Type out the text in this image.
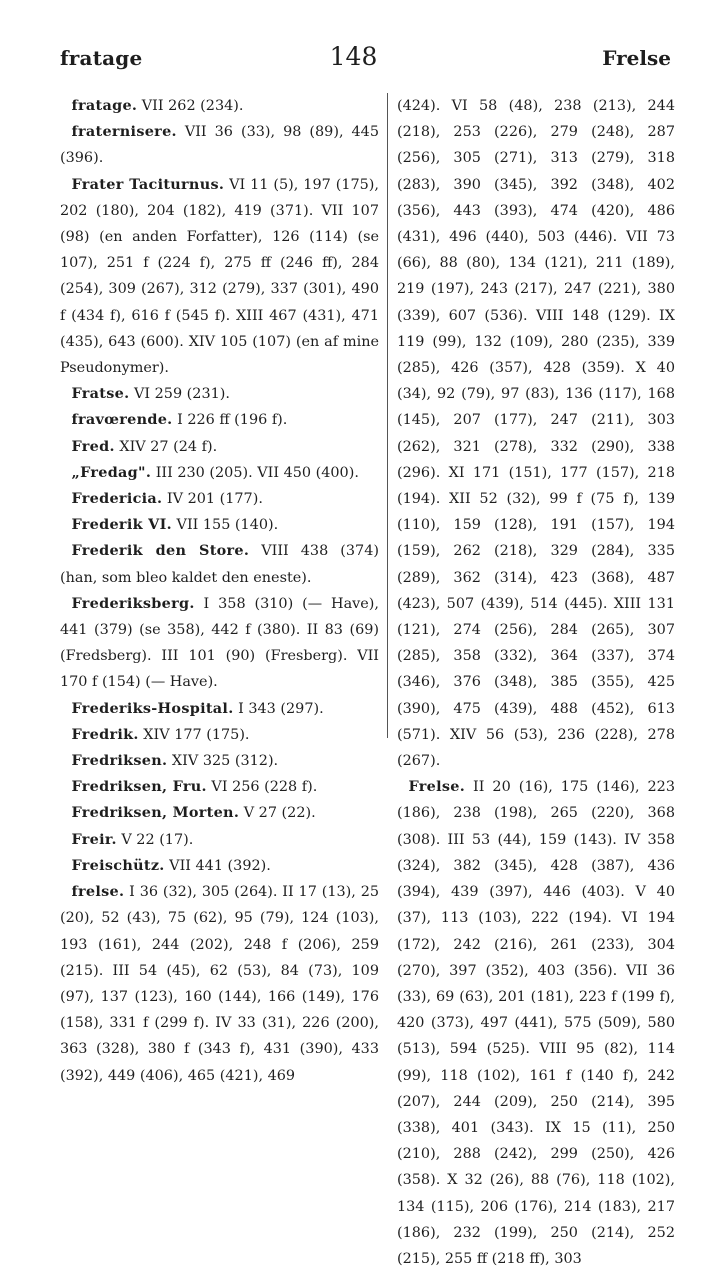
fratage	148	Frelse

fratage. VII 262 (234).

fraternisere. VII 36 (33), 98 (89), 445 (396).

Frater Taciturnus. VI 11 (5), 197 (175), 202 (180), 204 (182), 419 (371). VII 107 (98) (en anden Forfatter), 126 (114) (se 107), 251 f (224 f), 275 ff (246 ff), 284 (254), 309 (267), 312 (279), 337 (301), 490 f (434 f), 616 f (545 f). XIII 467 (431), 471 (435), 643 (600). XIV 105 (107) (en af mine Pseudonymer).

Fratse. VI 259 (231).

fravœrende. I 226 ff (196 f).

Fred. XIV 27 (24 f).

„Fredag". III 230 (205). VII 450 (400).

Fredericia. IV 201 (177).

Frederik VI. VII 155 (140).

Frederik den Store. VIII 438 (374) (han, som bleo kaldet den eneste).

Frederiksberg. I 358 (310) (— Have), 441 (379) (se 358), 442 f (380). II 83 (69) (Fredsberg). III 101 (90) (Fresberg). VII 170 f (154) (— Have).

Frederiks-Hospital. I 343 (297).

Fredrik. XIV 177 (175).

Fredriksen. XIV 325 (312).

Fredriksen, Fru. VI 256 (228 f).

Fredriksen, Morten. V 27 (22).

Freir. V 22 (17).

Freischütz. VII 441 (392).

frelse. I 36 (32), 305 (264). II 17 (13), 25 (20), 52 (43), 75 (62), 95 (79), 124 (103), 193 (161), 244 (202), 248 f (206), 259 (215). III 54 (45), 62 (53), 84 (73), 109 (97), 137 (123), 160 (144), 166 (149), 176 (158), 331 f (299 f). IV 33 (31), 226 (200), 363 (328), 380 f (343 f), 431 (390), 433 (392), 449 (406), 465 (421), 469

(424). VI 58 (48), 238 (213), 244 (218), 253 (226), 279 (248), 287 (256), 305 (271), 313 (279), 318 (283), 390 (345), 392 (348), 402 (356), 443 (393), 474 (420), 486 (431), 496 (440), 503 (446). VII 73 (66), 88 (80), 134 (121), 211 (189), 219 (197), 243 (217), 247 (221), 380 (339), 607 (536). VIII 148 (129). IX 119 (99), 132 (109), 280 (235), 339 (285), 426 (357), 428 (359). X 40 (34), 92 (79), 97 (83), 136 (117), 168 (145), 207 (177), 247 (211), 303 (262), 321 (278), 332 (290), 338 (296). XI 171 (151), 177 (157), 218 (194). XII 52 (32), 99 f (75 f), 139 (110), 159 (128), 191 (157), 194 (159), 262 (218), 329 (284), 335 (289), 362 (314), 423 (368), 487 (423), 507 (439), 514 (445). XIII 131 (121), 274 (256), 284 (265), 307 (285), 358 (332), 364 (337), 374 (346), 376 (348), 385 (355), 425 (390), 475 (439), 488 (452), 613 (571). XIV 56 (53), 236 (228), 278 (267).

Frelse. II 20 (16), 175 (146), 223 (186), 238 (198), 265 (220), 368 (308). III 53 (44), 159 (143). IV 358 (324), 382 (345), 428 (387), 436 (394), 439 (397), 446 (403). V 40 (37), 113 (103), 222 (194). VI 194 (172), 242 (216), 261 (233), 304 (270), 397 (352), 403 (356). VII 36 (33), 69 (63), 201 (181), 223 f (199 f), 420 (373), 497 (441), 575 (509), 580 (513), 594 (525). VIII 95 (82), 114 (99), 118 (102), 161 f (140 f), 242 (207), 244 (209), 250 (214), 395 (338), 401 (343). IX 15 (11), 250 (210), 288 (242), 299 (250), 426 (358). X 32 (26), 88 (76), 118 (102), 134 (115), 206 (176), 214 (183), 217 (186), 232 (199), 250 (214), 252 (215), 255 ff (218 ff), 303
